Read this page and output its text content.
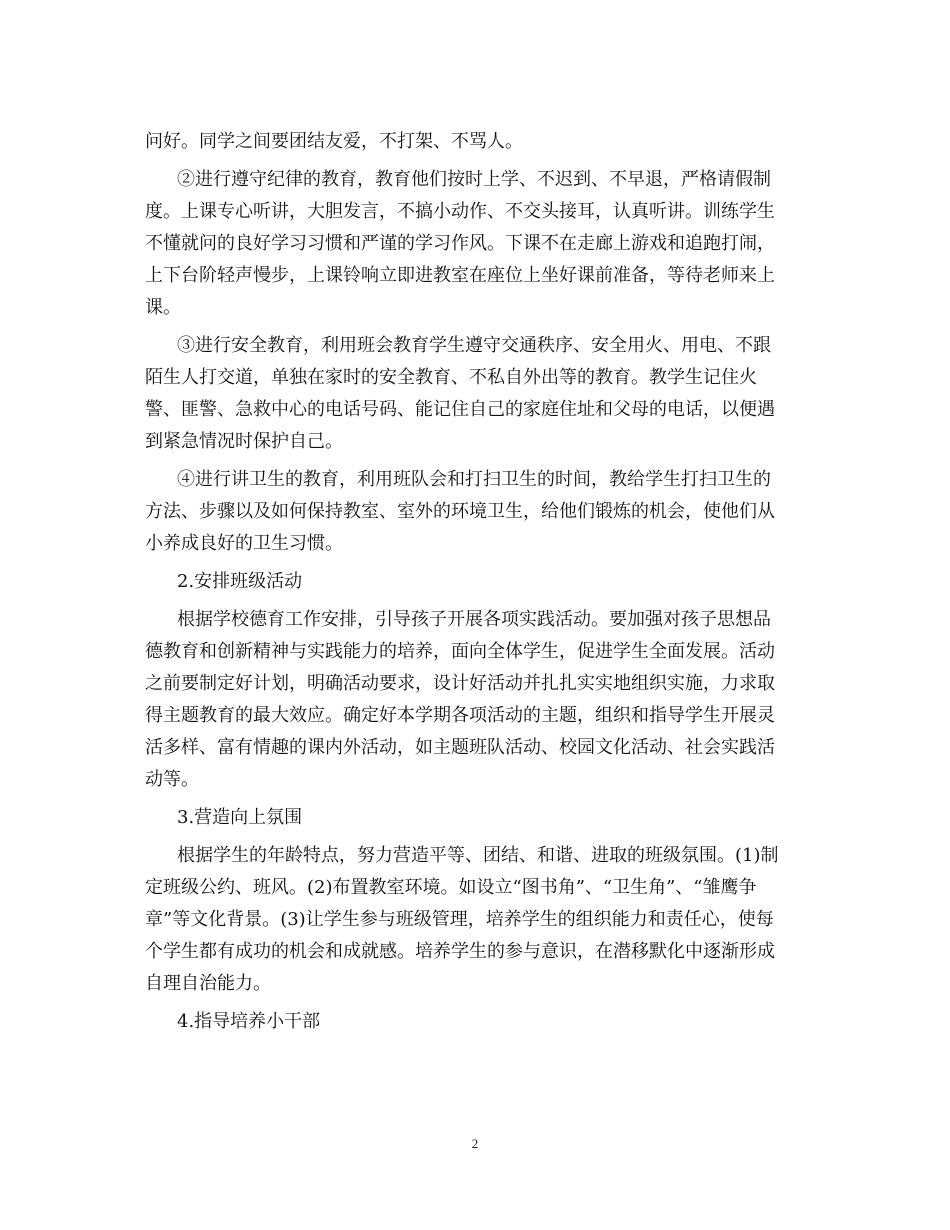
问好。同学之间要团结友爱，不打架、不骂人。
②进行遵守纪律的教育，教育他们按时上学、不迟到、不早退，严格请假制
度。上课专心听讲，大胆发言，不搞小动作、不交头接耳，认真听讲。训练学生
不懂就问的良好学习习惯和严谨的学习作风。下课不在走廊上游戏和追跑打闹，
上下台阶轻声慢步，上课铃响立即进教室在座位上坐好课前准备，等待老师来上
课。
③进行安全教育，利用班会教育学生遵守交通秩序、安全用火、用电、不跟
陌生人打交道，单独在家时的安全教育、不私自外出等的教育。教学生记住火
警、匪警、急救中心的电话号码、能记住自己的家庭住址和父母的电话，以便遇
到紧急情况时保护自己。
④进行讲卫生的教育，利用班队会和打扫卫生的时间，教给学生打扫卫生的
方法、步骤以及如何保持教室、室外的环境卫生，给他们锻炼的机会，使他们从
小养成良好的卫生习惯。
2.安排班级活动
根据学校德育工作安排，引导孩子开展各项实践活动。要加强对孩子思想品
德教育和创新精神与实践能力的培养，面向全体学生，促进学生全面发展。活动
之前要制定好计划，明确活动要求，设计好活动并扎扎实实地组织实施，力求取
得主题教育的最大效应。确定好本学期各项活动的主题，组织和指导学生开展灵
活多样、富有情趣的课内外活动，如主题班队活动、校园文化活动、社会实践活
动等。
3.营造向上氛围
根据学生的年龄特点，努力营造平等、团结、和谐、进取的班级氛围。(1)制
定班级公约、班风。(2)布置教室环境。如设立“图书角”、“卫生角”、“雏鹰争
章”等文化背景。(3)让学生参与班级管理，培养学生的组织能力和责任心，使每
个学生都有成功的机会和成就感。培养学生的参与意识，在潜移默化中逐渐形成
自理自治能力。
4.指导培养小干部
2
